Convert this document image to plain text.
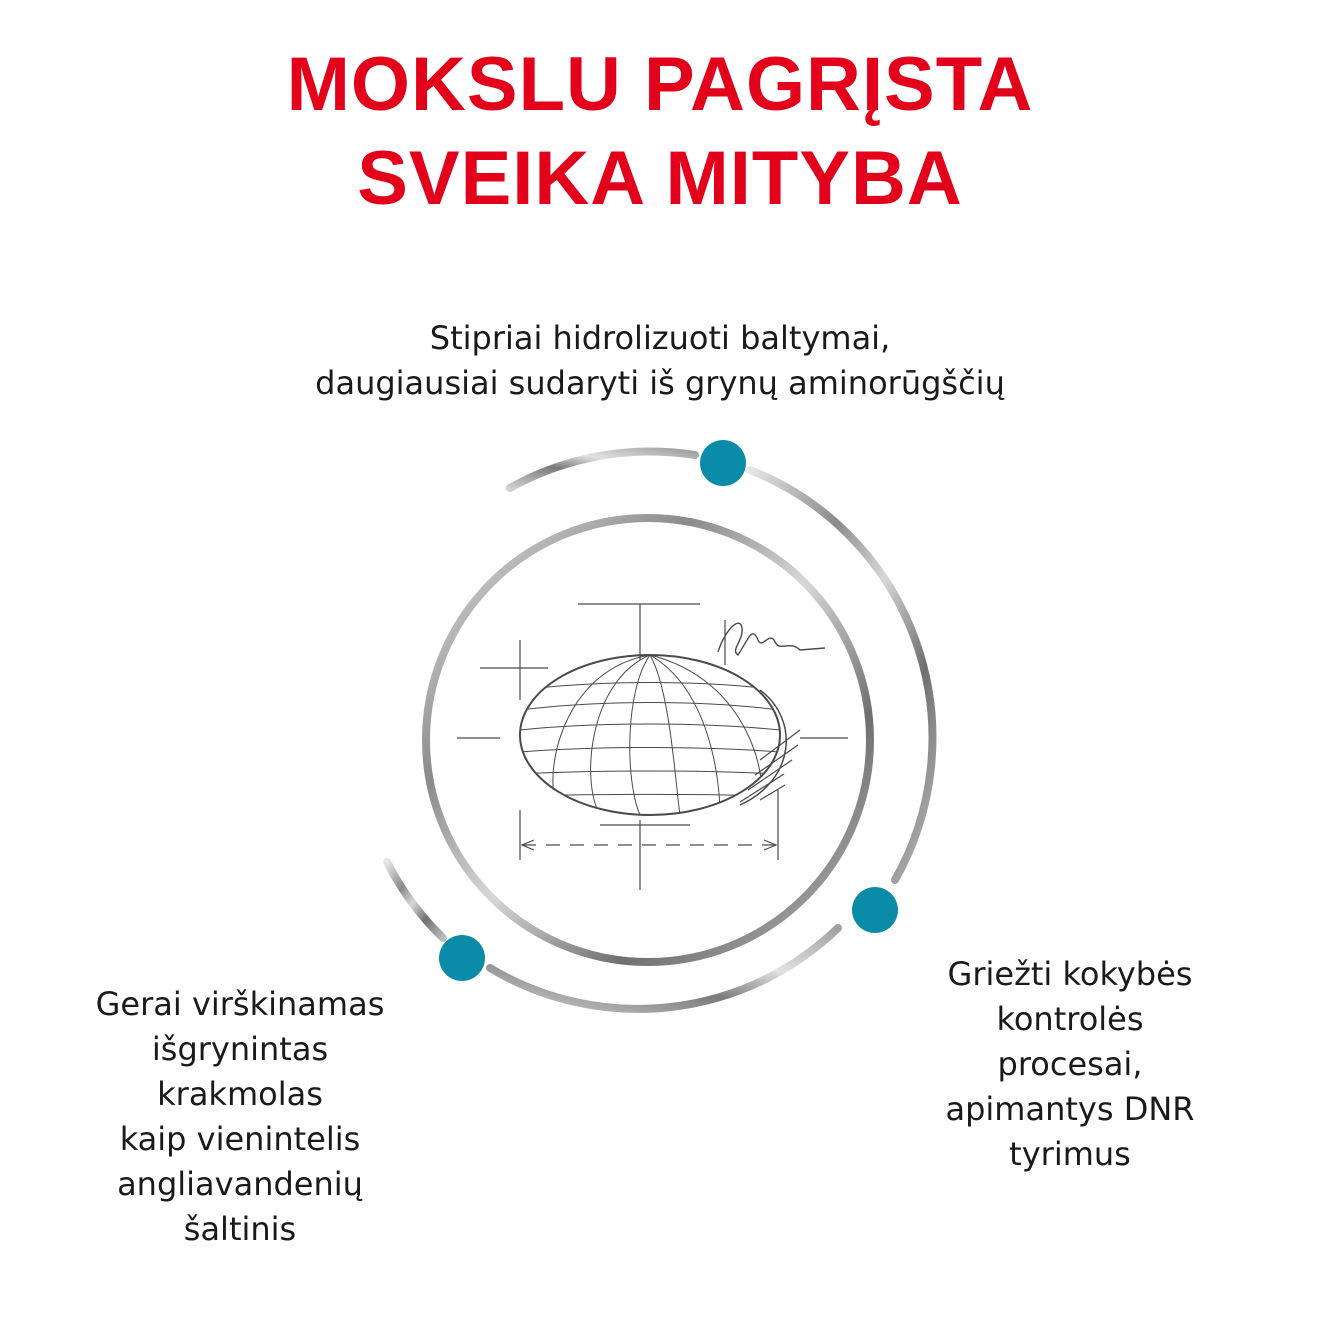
MOKSLU PAGRĮSTA
SVEIKA MITYBA
Stipriai hidrolizuoti baltymai,
daugiausiai sudaryti iš grynų aminorūgščių
Gerai virškinamas
išgrynintas
krakmolas
kaip vienintelis
angliavandenių
šaltinis
Griežti kokybės
kontrolės
procesai,
apimantys DNR
tyrimus
